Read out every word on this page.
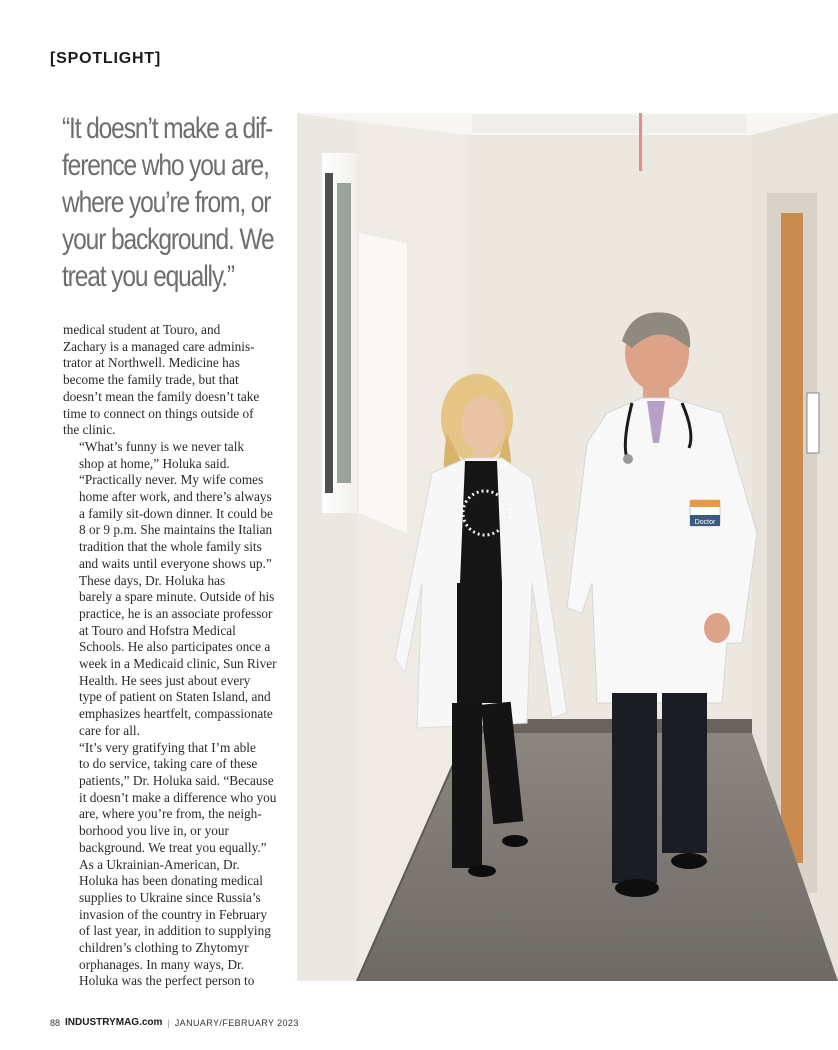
[SPOTLIGHT]
“It doesn’t make a dif-
ference who you are,
where you’re from, or
your background. We
treat you equally.”

medical student at Touro, and
Zachary is a managed care adminis-
trator at Northwell. Medicine has
become the family trade, but that
doesn’t mean the family doesn’t take
time to connect on things outside of
the clinic.

“What’s funny is we never talk
shop at home,” Holuka said.
“Practically never. My wife comes
home after work, and there’s always
a family sit-down dinner. It could be
8 or 9 p.m. She maintains the Italian
tradition that the whole family sits
and waits until everyone shows up.”

These days, Dr. Holuka has
barely a spare minute. Outside of his
practice, he is an associate professor
at Touro and Hofstra Medical
Schools. He also participates once a
week in a Medicaid clinic, Sun River
Health. He sees just about every
type of patient on Staten Island, and
emphasizes heartfelt, compassionate
care for all.

“It’s very gratifying that I’m able
to do service, taking care of these
patients,” Dr. Holuka said. “Because
it doesn’t make a difference who you
are, where you’re from, the neigh-
borhood you live in, or your
background. We treat you equally.”

As a Ukrainian-American, Dr.
Holuka has been donating medical
supplies to Ukraine since Russia’s
invasion of the country in February
of last year, in addition to supplying
children’s clothing to Zhytomyr
orphanages. In many ways, Dr.
Holuka was the perfect person to

Doctor
88 INDUSTRYMAG.com | JANUARY/FEBRUARY 2023
